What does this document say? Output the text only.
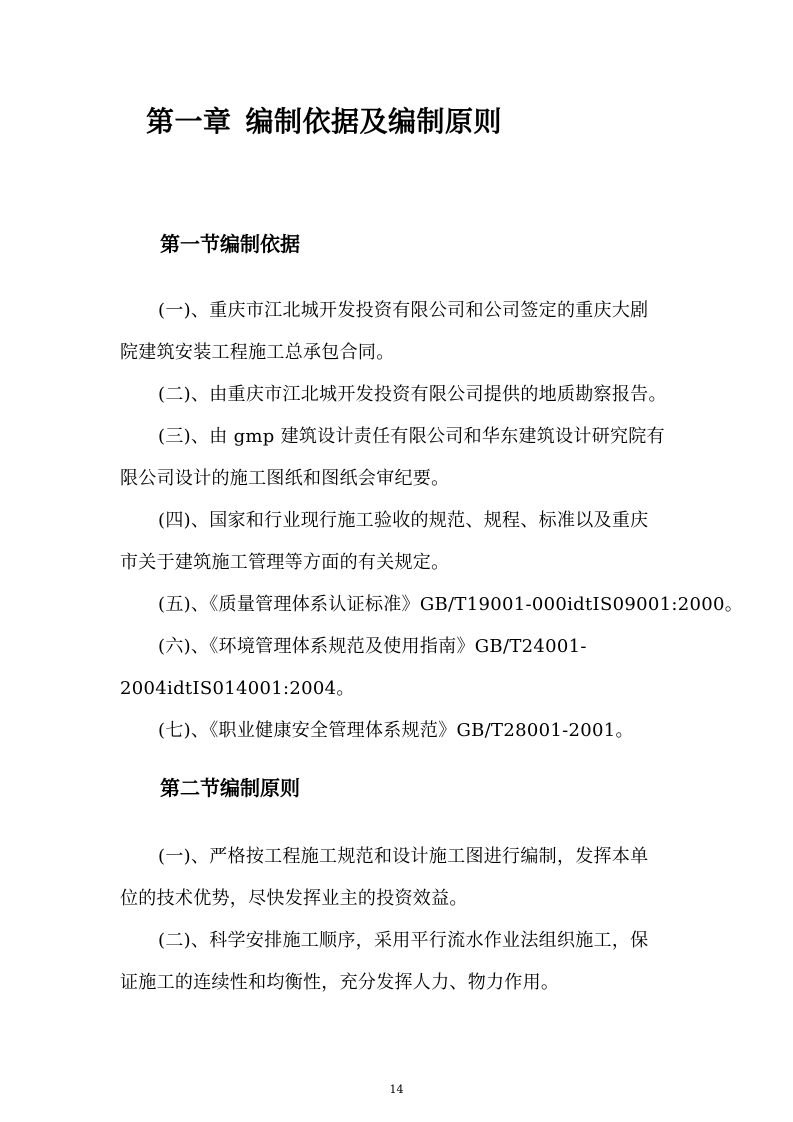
第一章 编制依据及编制原则
第一节编制依据
(一)、重庆市江北城开发投资有限公司和公司签定的重庆大剧
院建筑安装工程施工总承包合同。
(二)、由重庆市江北城开发投资有限公司提供的地质勘察报告。
(三)、由 gmp 建筑设计责任有限公司和华东建筑设计研究院有
限公司设计的施工图纸和图纸会审纪要。
(四)、国家和行业现行施工验收的规范、规程、标准以及重庆
市关于建筑施工管理等方面的有关规定。
(五)、《质量管理体系认证标准》GB/T19001-000idtIS09001:2000。
(六)、《环境管理体系规范及使用指南》GB/T24001-
2004idtIS014001:2004。
(七)、《职业健康安全管理体系规范》GB/T28001-2001。
第二节编制原则
(一)、严格按工程施工规范和设计施工图进行编制，发挥本单
位的技术优势，尽快发挥业主的投资效益。
(二)、科学安排施工顺序，采用平行流水作业法组织施工，保
证施工的连续性和均衡性，充分发挥人力、物力作用。
14
